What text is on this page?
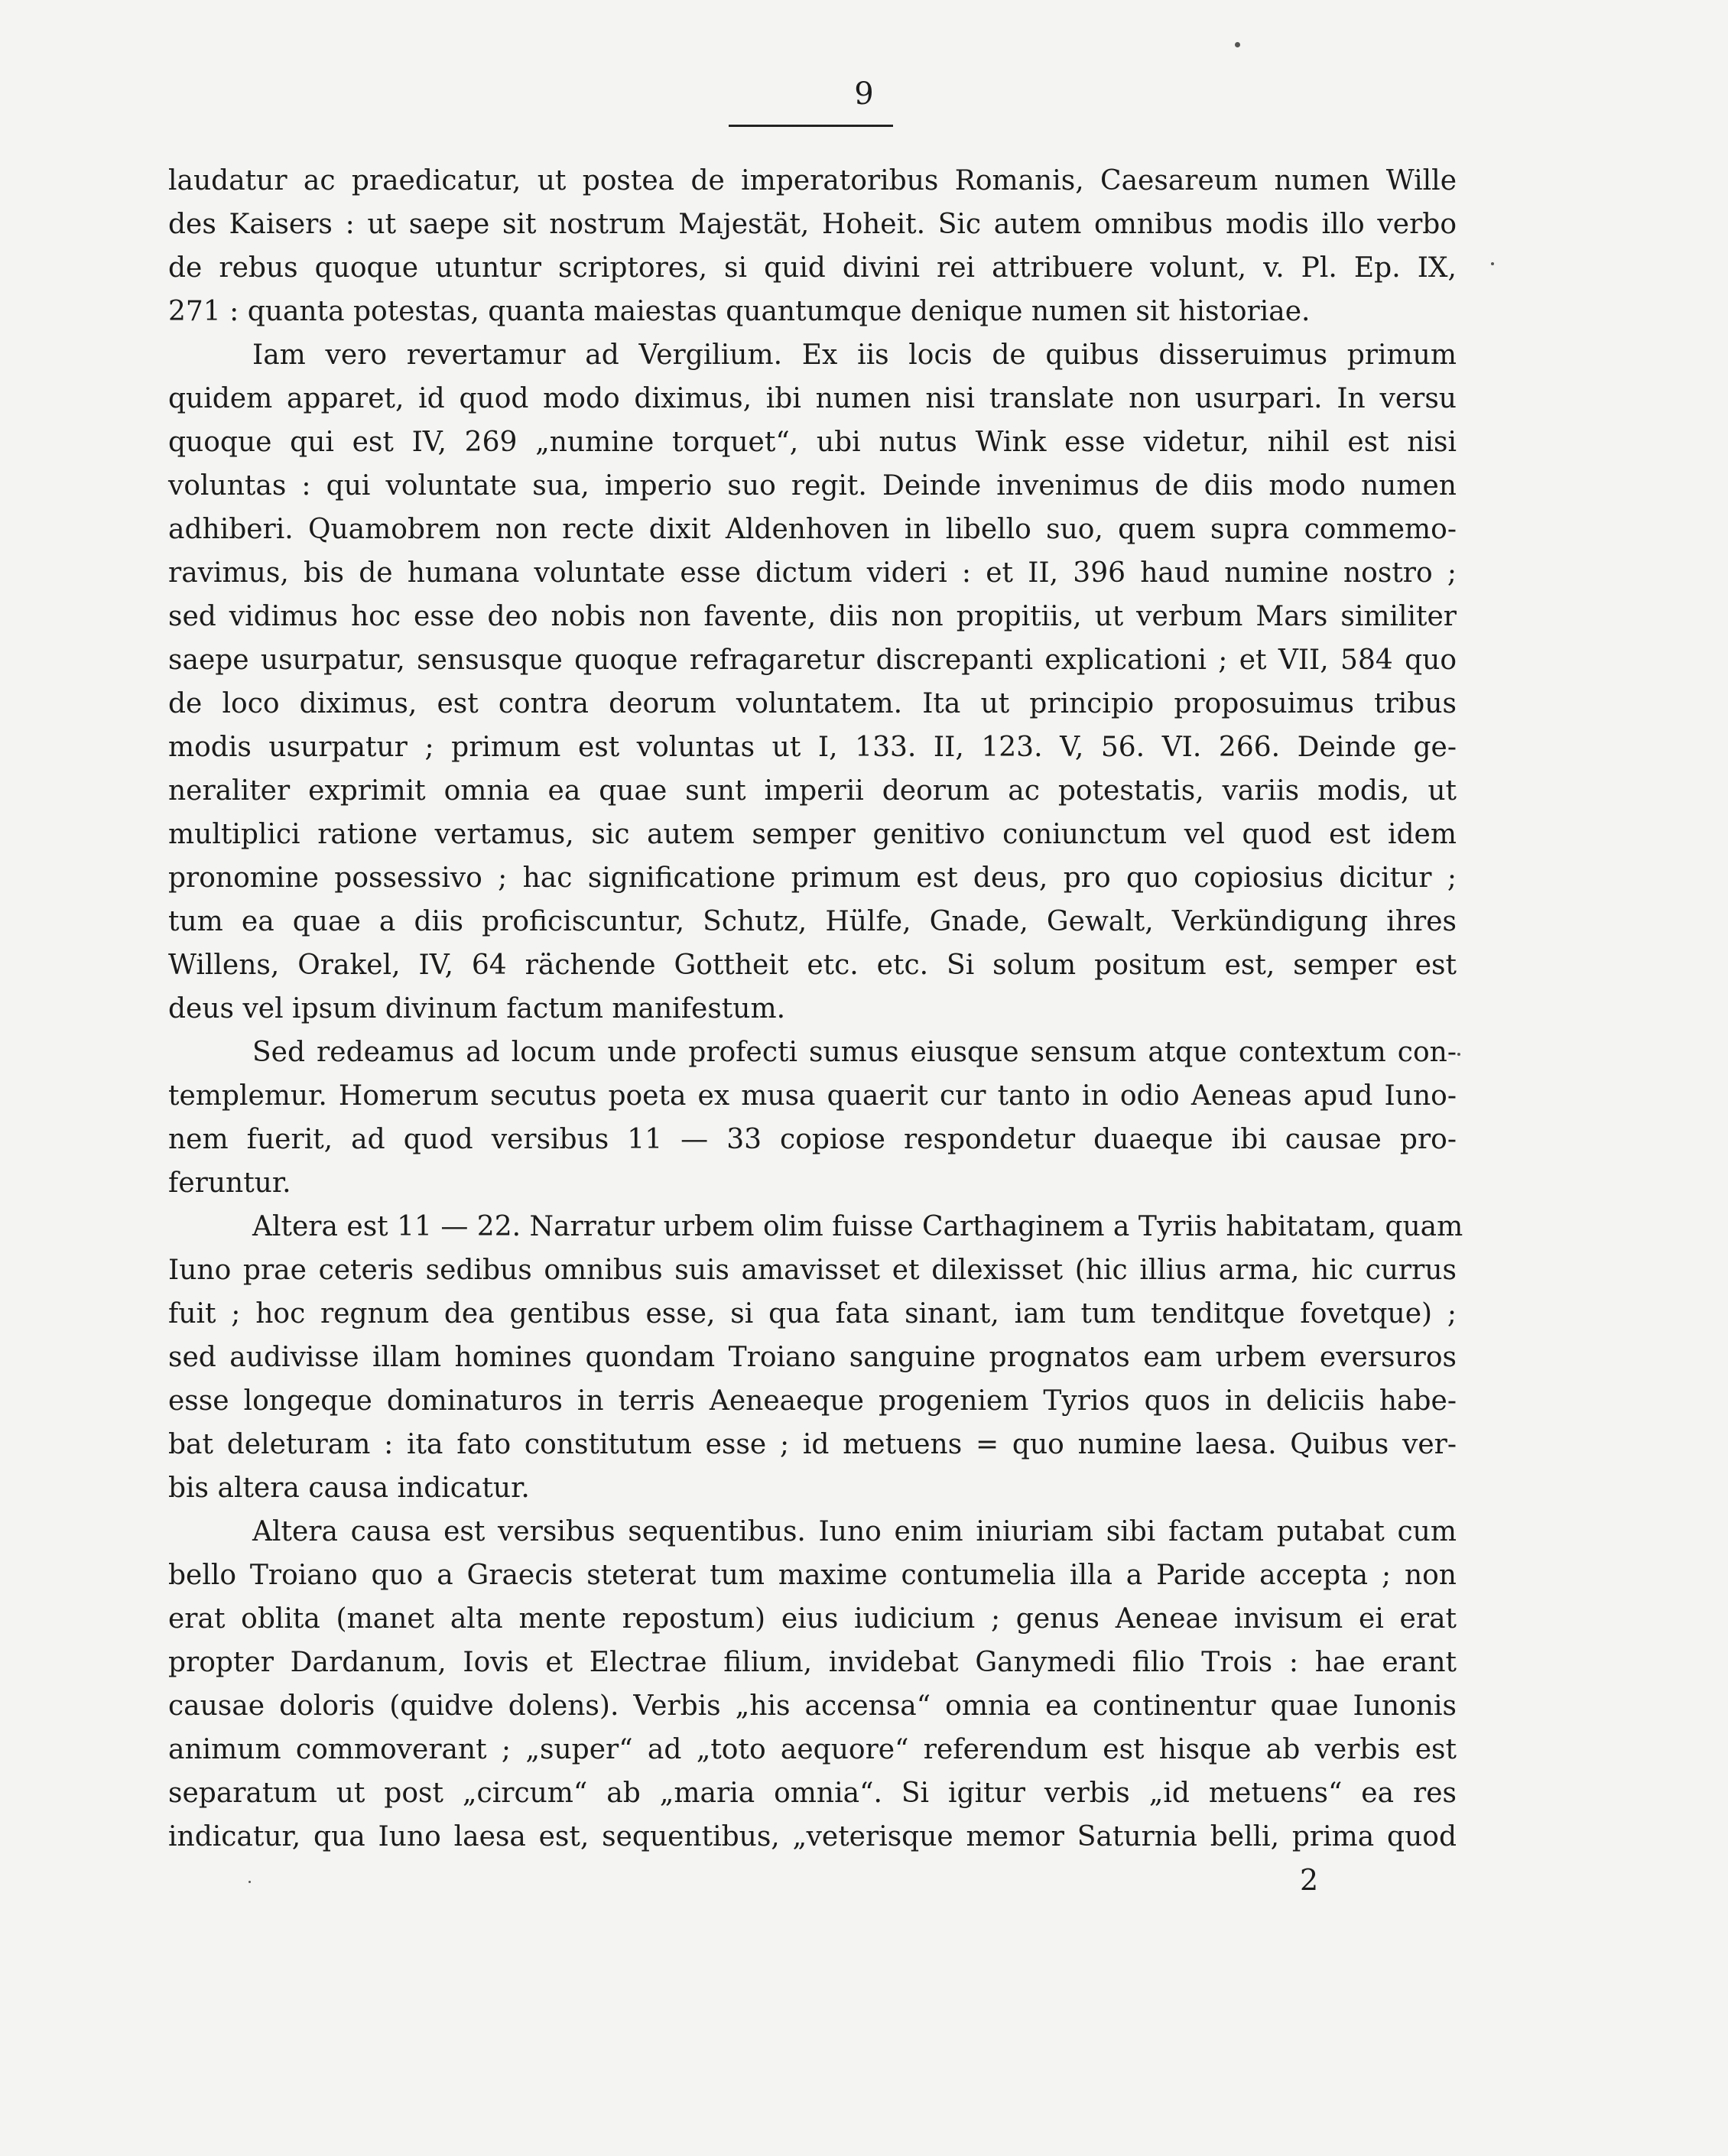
9
laudatur ac praedicatur, ut postea de imperatoribus Romanis, Caesareum numen Wille
des Kaisers : ut saepe sit nostrum Majestät, Hoheit. Sic autem omnibus modis illo verbo
de rebus quoque utuntur scriptores, si quid divini rei attribuere volunt, v. Pl. Ep. IX,
271 : quanta potestas, quanta maiestas quantumque denique numen sit historiae.
Iam vero revertamur ad Vergilium. Ex iis locis de quibus disseruimus primum
quidem apparet, id quod modo diximus, ibi numen nisi translate non usurpari. In versu
quoque qui est IV, 269 „numine torquet“, ubi nutus Wink esse videtur, nihil est nisi
voluntas : qui voluntate sua, imperio suo regit. Deinde invenimus de diis modo numen
adhiberi. Quamobrem non recte dixit Aldenhoven in libello suo, quem supra commemo-
ravimus, bis de humana voluntate esse dictum videri : et II, 396 haud numine nostro ;
sed vidimus hoc esse deo nobis non favente, diis non propitiis, ut verbum Mars similiter
saepe usurpatur, sensusque quoque refragaretur discrepanti explicationi ; et VII, 584 quo
de loco diximus, est contra deorum voluntatem. Ita ut principio proposuimus tribus
modis usurpatur ; primum est voluntas ut I, 133. II, 123. V, 56. VI. 266. Deinde ge-
neraliter exprimit omnia ea quae sunt imperii deorum ac potestatis, variis modis, ut
multiplici ratione vertamus, sic autem semper genitivo coniunctum vel quod est idem
pronomine possessivo ; hac significatione primum est deus, pro quo copiosius dicitur ;
tum ea quae a diis proficiscuntur, Schutz, Hülfe, Gnade, Gewalt, Verkündigung ihres
Willens, Orakel, IV, 64 rächende Gottheit etc. etc. Si solum positum est, semper est
deus vel ipsum divinum factum manifestum.
Sed redeamus ad locum unde profecti sumus eiusque sensum atque contextum con-
templemur. Homerum secutus poeta ex musa quaerit cur tanto in odio Aeneas apud Iuno-
nem fuerit, ad quod versibus 11 — 33 copiose respondetur duaeque ibi causae pro-
feruntur.
Altera est 11 — 22. Narratur urbem olim fuisse Carthaginem a Tyriis habitatam, quam
Iuno prae ceteris sedibus omnibus suis amavisset et dilexisset (hic illius arma, hic currus
fuit ; hoc regnum dea gentibus esse, si qua fata sinant, iam tum tenditque fovetque) ;
sed audivisse illam homines quondam Troiano sanguine prognatos eam urbem eversuros
esse longeque dominaturos in terris Aeneaeque progeniem Tyrios quos in deliciis habe-
bat deleturam : ita fato constitutum esse ; id metuens = quo numine laesa. Quibus ver-
bis altera causa indicatur.
Altera causa est versibus sequentibus. Iuno enim iniuriam sibi factam putabat cum
bello Troiano quo a Graecis steterat tum maxime contumelia illa a Paride accepta ; non
erat oblita (manet alta mente repostum) eius iudicium ; genus Aeneae invisum ei erat
propter Dardanum, Iovis et Electrae filium, invidebat Ganymedi filio Trois : hae erant
causae doloris (quidve dolens). Verbis „his accensa“ omnia ea continentur quae Iunonis
animum commoverant ; „super“ ad „toto aequore“ referendum est hisque ab verbis est
separatum ut post „circum“ ab „maria omnia“. Si igitur verbis „id metuens“ ea res
indicatur, qua Iuno laesa est, sequentibus, „veterisque memor Saturnia belli, prima quod
2
